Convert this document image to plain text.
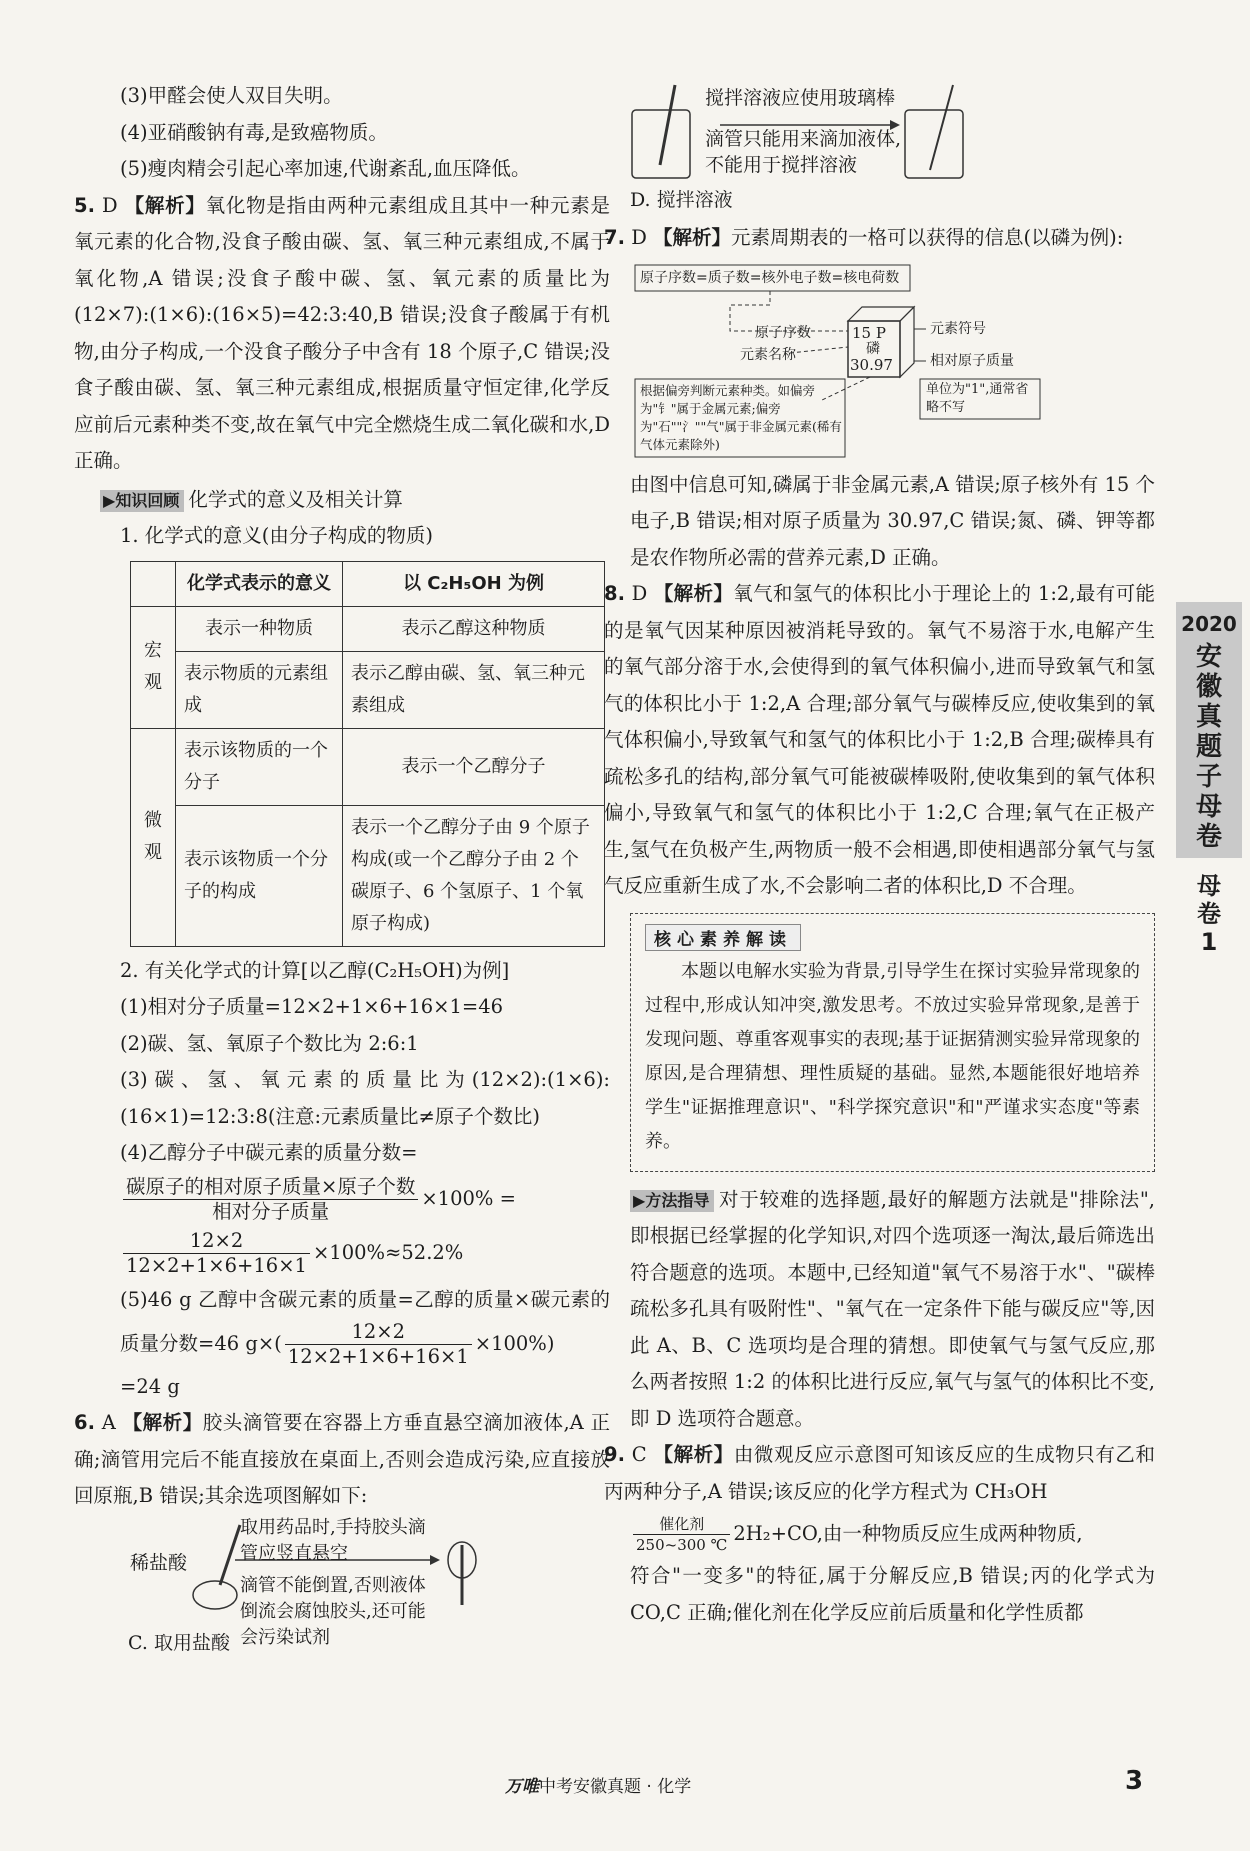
(3)甲醛会使人双目失明。

(4)亚硝酸钠有毒,是致癌物质。

(5)瘦肉精会引起心率加速,代谢紊乱,血压降低。

5. D 【解析】氧化物是指由两种元素组成且其中一种元素是氧元素的化合物,没食子酸由碳、氢、氧三种元素组成,不属于氧化物,A 错误;没食子酸中碳、氢、氧元素的质量比为(12×7):(1×6):(16×5)=42:3:40,B 错误;没食子酸属于有机物,由分子构成,一个没食子酸分子中含有 18 个原子,C 错误;没食子酸由碳、氢、氧三种元素组成,根据质量守恒定律,化学反应前后元素种类不变,故在氧气中完全燃烧生成二氧化碳和水,D 正确。

▶知识回顾 化学式的意义及相关计算

1. 化学式的意义(由分子构成的物质)

	化学式表示的意义	以 C₂H₅OH 为例
宏观	表示一种物质	表示乙醇这种物质
	表示物质的元素组成	表示乙醇由碳、氢、氧三种元素组成
微观	表示该物质的一个分子	表示一个乙醇分子
	表示该物质一个分子的构成	表示一个乙醇分子由 9 个原子构成(或一个乙醇分子由 2 个碳原子、6 个氢原子、1 个氧原子构成)

2. 有关化学式的计算[以乙醇(C₂H₅OH)为例]

(1)相对分子质量=12×2+1×6+16×1=46

(2)碳、氢、氧原子个数比为 2:6:1

(3)碳、氢、氧元素的质量比为(12×2):(1×6):(16×1)=12:3:8(注意:元素质量比≠原子个数比)

(4)乙醇分子中碳元素的质量分数=

$\frac{\text{碳原子的相对原子质量×原子个数}}{\text{相对分子质量}} \times 100\%$ =

$\frac{12\times 2}{12\times 2+1\times 6+16\times 1} \times 100\%\approx 52.2\%$

(5)46 g 乙醇中含碳元素的质量=乙醇的质量×碳元素的质量分数=46 $g\times( \frac{12\times 2}{12\times 2+1\times 6+16\times 1} \times 100\%)$

=24 g

6. A 【解析】胶头滴管要在容器上方垂直悬空滴加液体,A 正确;滴管用完后不能直接放在桌面上,否则会造成污染,应直接放回原瓶,B 错误;其余选项图解如下:

稀盐酸
取用药品时,手持胶头滴管应竖直悬空
滴管不能倒置,否则液体倒流会腐蚀胶头,还可能会污染试剂
C. 取用盐酸
搅拌溶液应使用玻璃棒
滴管只能用来滴加液体,不能用于搅拌溶液
D. 搅拌溶液

7. D 【解析】元素周期表的一格可以获得的信息(以磷为例):

原子序数=质子数=核外电子数=核电荷数
原子序数
元素名称
15 P
磷
30.97
元素符号
相对原子质量
单位为"1",通常省略不写
根据偏旁判断元素种类。如偏旁为"钅"属于金属元素;偏旁为"石""氵""气"属于非金属元素(稀有气体元素除外)

由图中信息可知,磷属于非金属元素,A 错误;原子核外有 15 个电子,B 错误;相对原子质量为 30.97,C 错误;氮、磷、钾等都是农作物所必需的营养元素,D 正确。

8. D 【解析】氧气和氢气的体积比小于理论上的 1:2,最有可能的是氧气因某种原因被消耗导致的。氧气不易溶于水,电解产生的氧气部分溶于水,会使得到的氧气体积偏小,进而导致氧气和氢气的体积比小于 1:2,A 合理;部分氧气与碳棒反应,使收集到的氧气体积偏小,导致氧气和氢气的体积比小于 1:2,B 合理;碳棒具有疏松多孔的结构,部分氧气可能被碳棒吸附,使收集到的氧气体积偏小,导致氧气和氢气的体积比小于 1:2,C 合理;氧气在正极产生,氢气在负极产生,两物质一般不会相遇,即使相遇部分氧气与氢气反应重新生成了水,不会影响二者的体积比,D 不合理。

核心素养解读

本题以电解水实验为背景,引导学生在探讨实验异常现象的过程中,形成认知冲突,激发思考。不放过实验异常现象,是善于发现问题、尊重客观事实的表现;基于证据猜测实验异常现象的原因,是合理猜想、理性质疑的基础。显然,本题能很好地培养学生"证据推理意识"、"科学探究意识"和"严谨求实态度"等素养。

▶方法指导 对于较难的选择题,最好的解题方法就是"排除法",即根据已经掌握的化学知识,对四个选项逐一淘汰,最后筛选出符合题意的选项。本题中,已经知道"氧气不易溶于水"、"碳棒疏松多孔具有吸附性"、"氧气在一定条件下能与碳反应"等,因此 A、B、C 选项均是合理的猜想。即使氧气与氢气反应,那么两者按照 1:2 的体积比进行反应,氧气与氢气的体积比不变,即 D 选项符合题意。

9. C 【解析】由微观反应示意图可知该反应的生成物只有乙和丙两种分子,A 错误;该反应的化学方程式为 CH₃OH

$\frac{\text{催化剂}}{250\sim 300 ℃} 2H_2+CO$,由一种物质反应生成两种物质,

符合"一变多"的特征,属于分解反应,B 错误;丙的化学式为 CO,C 正确;催化剂在化学反应前后质量和化学性质都

2020
安徽真题子母卷
母卷
1
万唯中考安徽真题 · 化学	3
